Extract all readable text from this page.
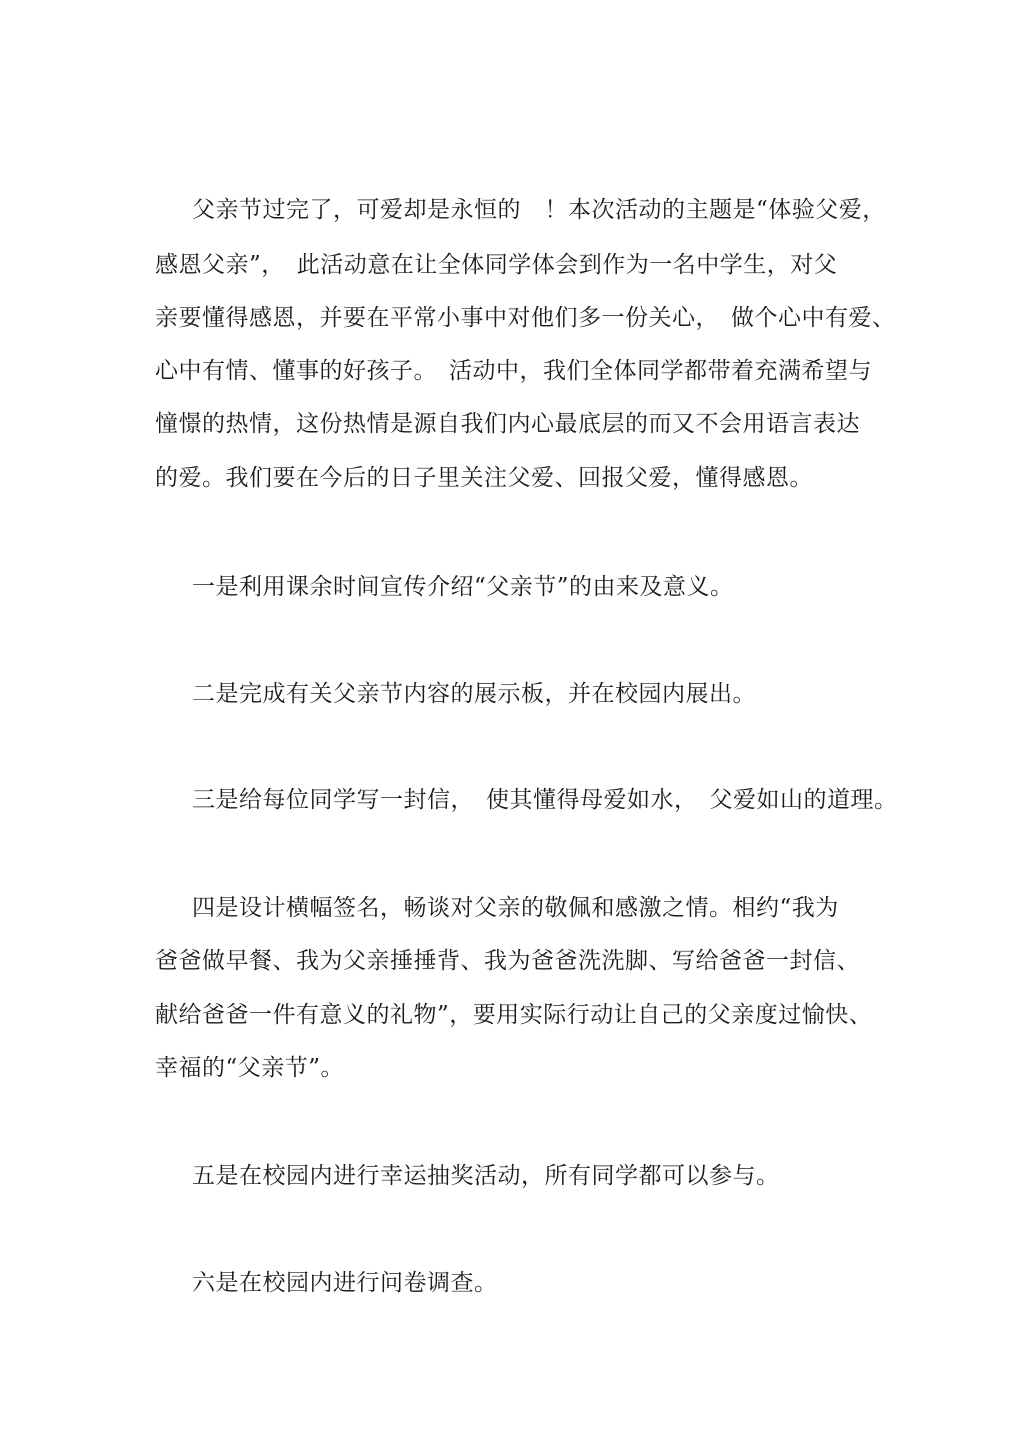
父亲节过完了，可爱却是永恒的　！本次活动的主题是“体验父爱，
感恩父亲”，　此活动意在让全体同学体会到作为一名中学生，对父
亲要懂得感恩，并要在平常小事中对他们多一份关心，　做个心中有爱、
心中有情、懂事的好孩子。　活动中，我们全体同学都带着充满希望与
憧憬的热情，这份热情是源自我们内心最底层的而又不会用语言表达
的爱。我们要在今后的日子里关注父爱、回报父爱，懂得感恩。
一是利用课余时间宣传介绍“父亲节”的由来及意义。
二是完成有关父亲节内容的展示板，并在校园内展出。
三是给每位同学写一封信，　使其懂得母爱如水，　父爱如山的道理。
四是设计横幅签名，畅谈对父亲的敬佩和感激之情。相约“我为
爸爸做早餐、我为父亲捶捶背、我为爸爸洗洗脚、写给爸爸一封信、
献给爸爸一件有意义的礼物”，要用实际行动让自己的父亲度过愉快、
幸福的“父亲节”。
五是在校园内进行幸运抽奖活动，所有同学都可以参与。
六是在校园内进行问卷调查。
